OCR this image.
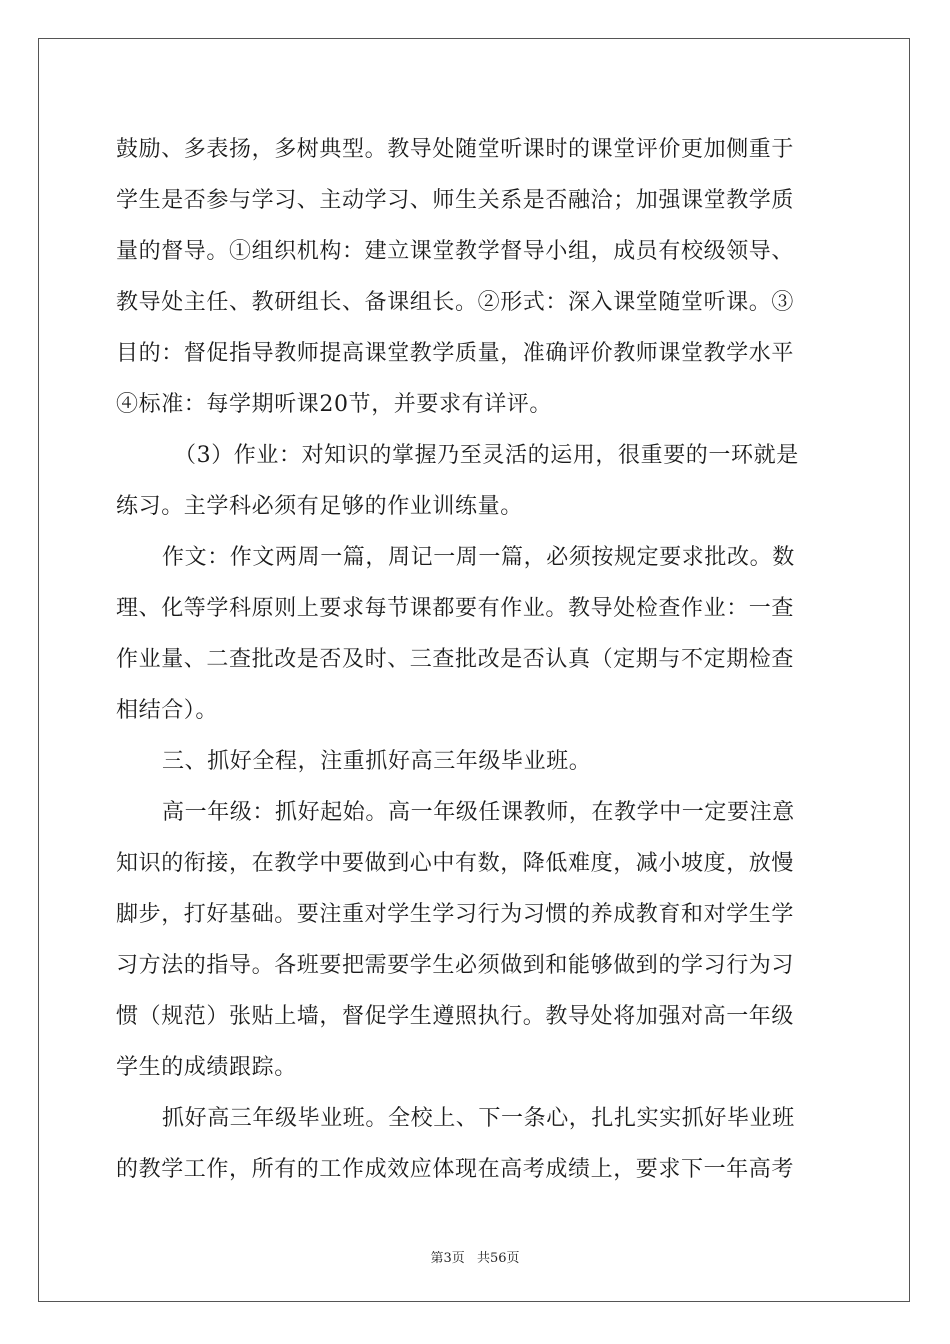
鼓励、多表扬，多树典型。教导处随堂听课时的课堂评价更加侧重于
学生是否参与学习、主动学习、师生关系是否融洽；加强课堂教学质
量的督导。①组织机构：建立课堂教学督导小组，成员有校级领导、
教导处主任、教研组长、备课组长。②形式：深入课堂随堂听课。③
目的：督促指导教师提高课堂教学质量，准确评价教师课堂教学水平
④标准：每学期听课20节，并要求有详评。
（3）作业：对知识的掌握乃至灵活的运用，很重要的一环就是
练习。主学科必须有足够的作业训练量。
作文：作文两周一篇，周记一周一篇，必须按规定要求批改。数
理、化等学科原则上要求每节课都要有作业。教导处检查作业：一查
作业量、二查批改是否及时、三查批改是否认真（定期与不定期检查
相结合）。
三、抓好全程，注重抓好高三年级毕业班。
高一年级：抓好起始。高一年级任课教师，在教学中一定要注意
知识的衔接，在教学中要做到心中有数，降低难度，减小坡度，放慢
脚步，打好基础。要注重对学生学习行为习惯的养成教育和对学生学
习方法的指导。各班要把需要学生必须做到和能够做到的学习行为习
惯（规范）张贴上墙，督促学生遵照执行。教导处将加强对高一年级
学生的成绩跟踪。
抓好高三年级毕业班。全校上、下一条心，扎扎实实抓好毕业班
的教学工作，所有的工作成效应体现在高考成绩上，要求下一年高考
第3页 共56页
